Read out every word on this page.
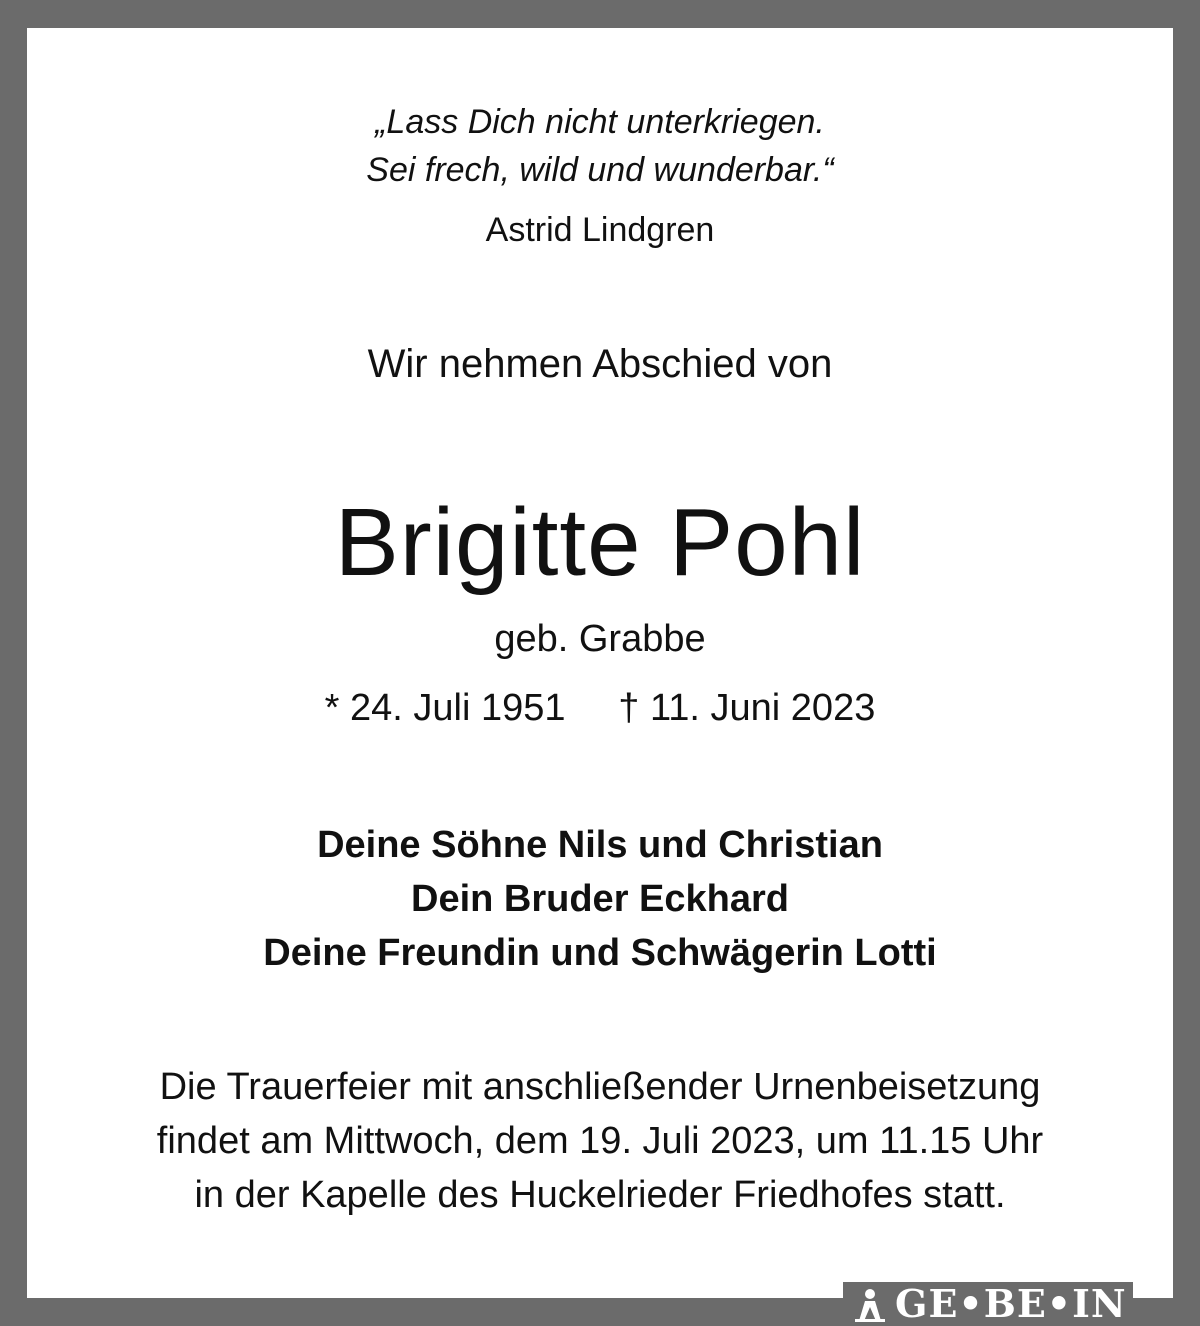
„Lass Dich nicht unterkriegen.
Sei frech, wild und wunderbar.“
Astrid Lindgren
Wir nehmen Abschied von
Brigitte Pohl
geb. Grabbe
* 24. Juli 1951 † 11. Juni 2023
Deine Söhne Nils und Christian
Dein Bruder Eckhard
Deine Freundin und Schwägerin Lotti
Die Trauerfeier mit anschließender Urnenbeisetzung
findet am Mittwoch, dem 19. Juli 2023, um 11.15 Uhr
in der Kapelle des Huckelrieder Friedhofes statt.
GE•BE•IN
